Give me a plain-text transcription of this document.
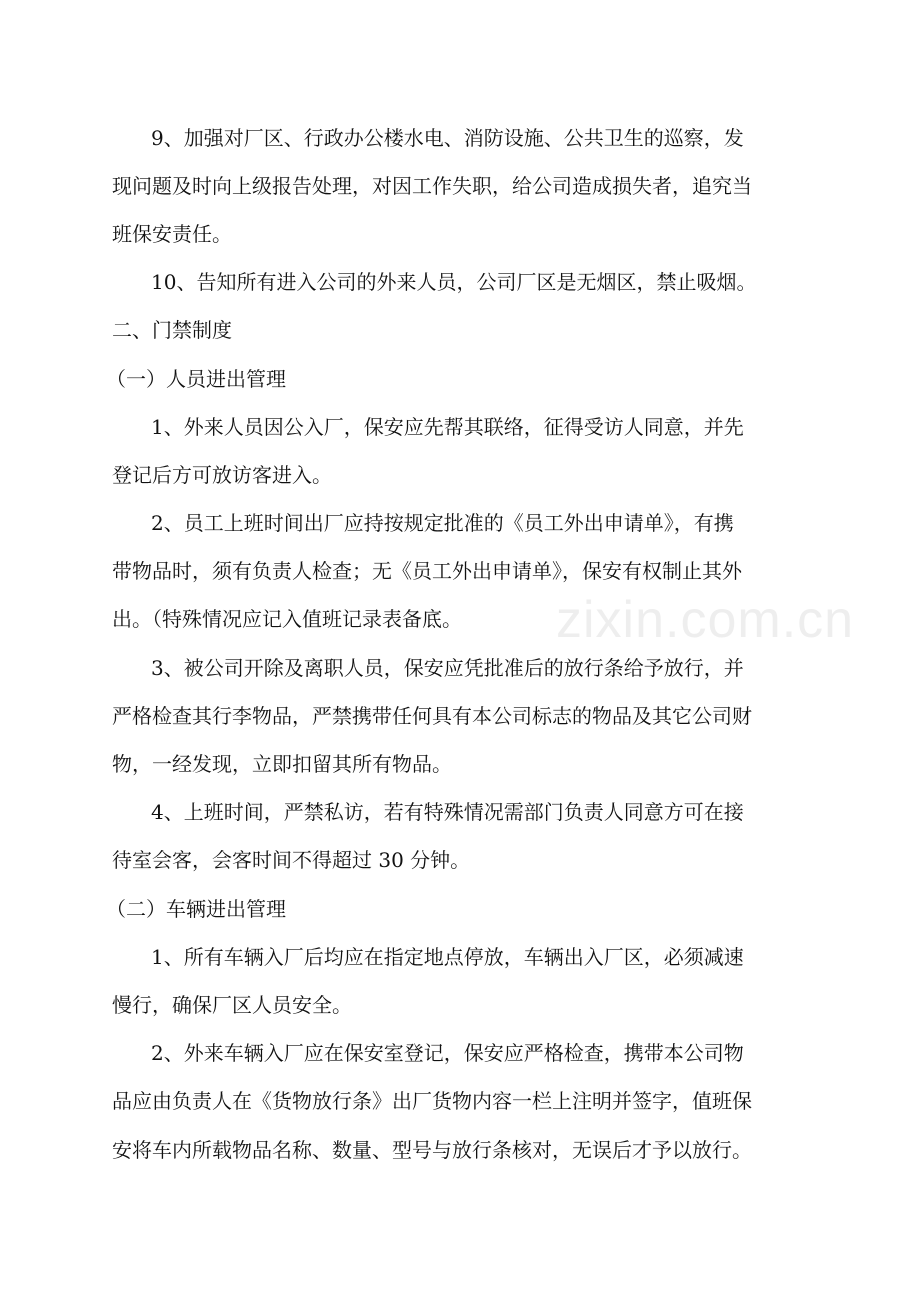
9、加强对厂区、行政办公楼水电、消防设施、公共卫生的巡察，发
现问题及时向上级报告处理，对因工作失职，给公司造成损失者，追究当
班保安责任。
10、告知所有进入公司的外来人员，公司厂区是无烟区，禁止吸烟。
二、门禁制度
（一）人员进出管理
1、外来人员因公入厂，保安应先帮其联络，征得受访人同意，并先
登记后方可放访客进入。
2、员工上班时间出厂应持按规定批准的《员工外出申请单》，有携
带物品时，须有负责人检查；无《员工外出申请单》，保安有权制止其外
出。（特殊情况应记入值班记录表备底。
3、被公司开除及离职人员，保安应凭批准后的放行条给予放行，并
严格检查其行李物品，严禁携带任何具有本公司标志的物品及其它公司财
物，一经发现，立即扣留其所有物品。
4、上班时间，严禁私访，若有特殊情况需部门负责人同意方可在接
待室会客，会客时间不得超过 30 分钟。
（二）车辆进出管理
1、所有车辆入厂后均应在指定地点停放，车辆出入厂区，必须减速
慢行，确保厂区人员安全。
2、外来车辆入厂应在保安室登记，保安应严格检查，携带本公司物
品应由负责人在《货物放行条》出厂货物内容一栏上注明并签字，值班保
安将车内所载物品名称、数量、型号与放行条核对，无误后才予以放行。
zixin.com.cn
